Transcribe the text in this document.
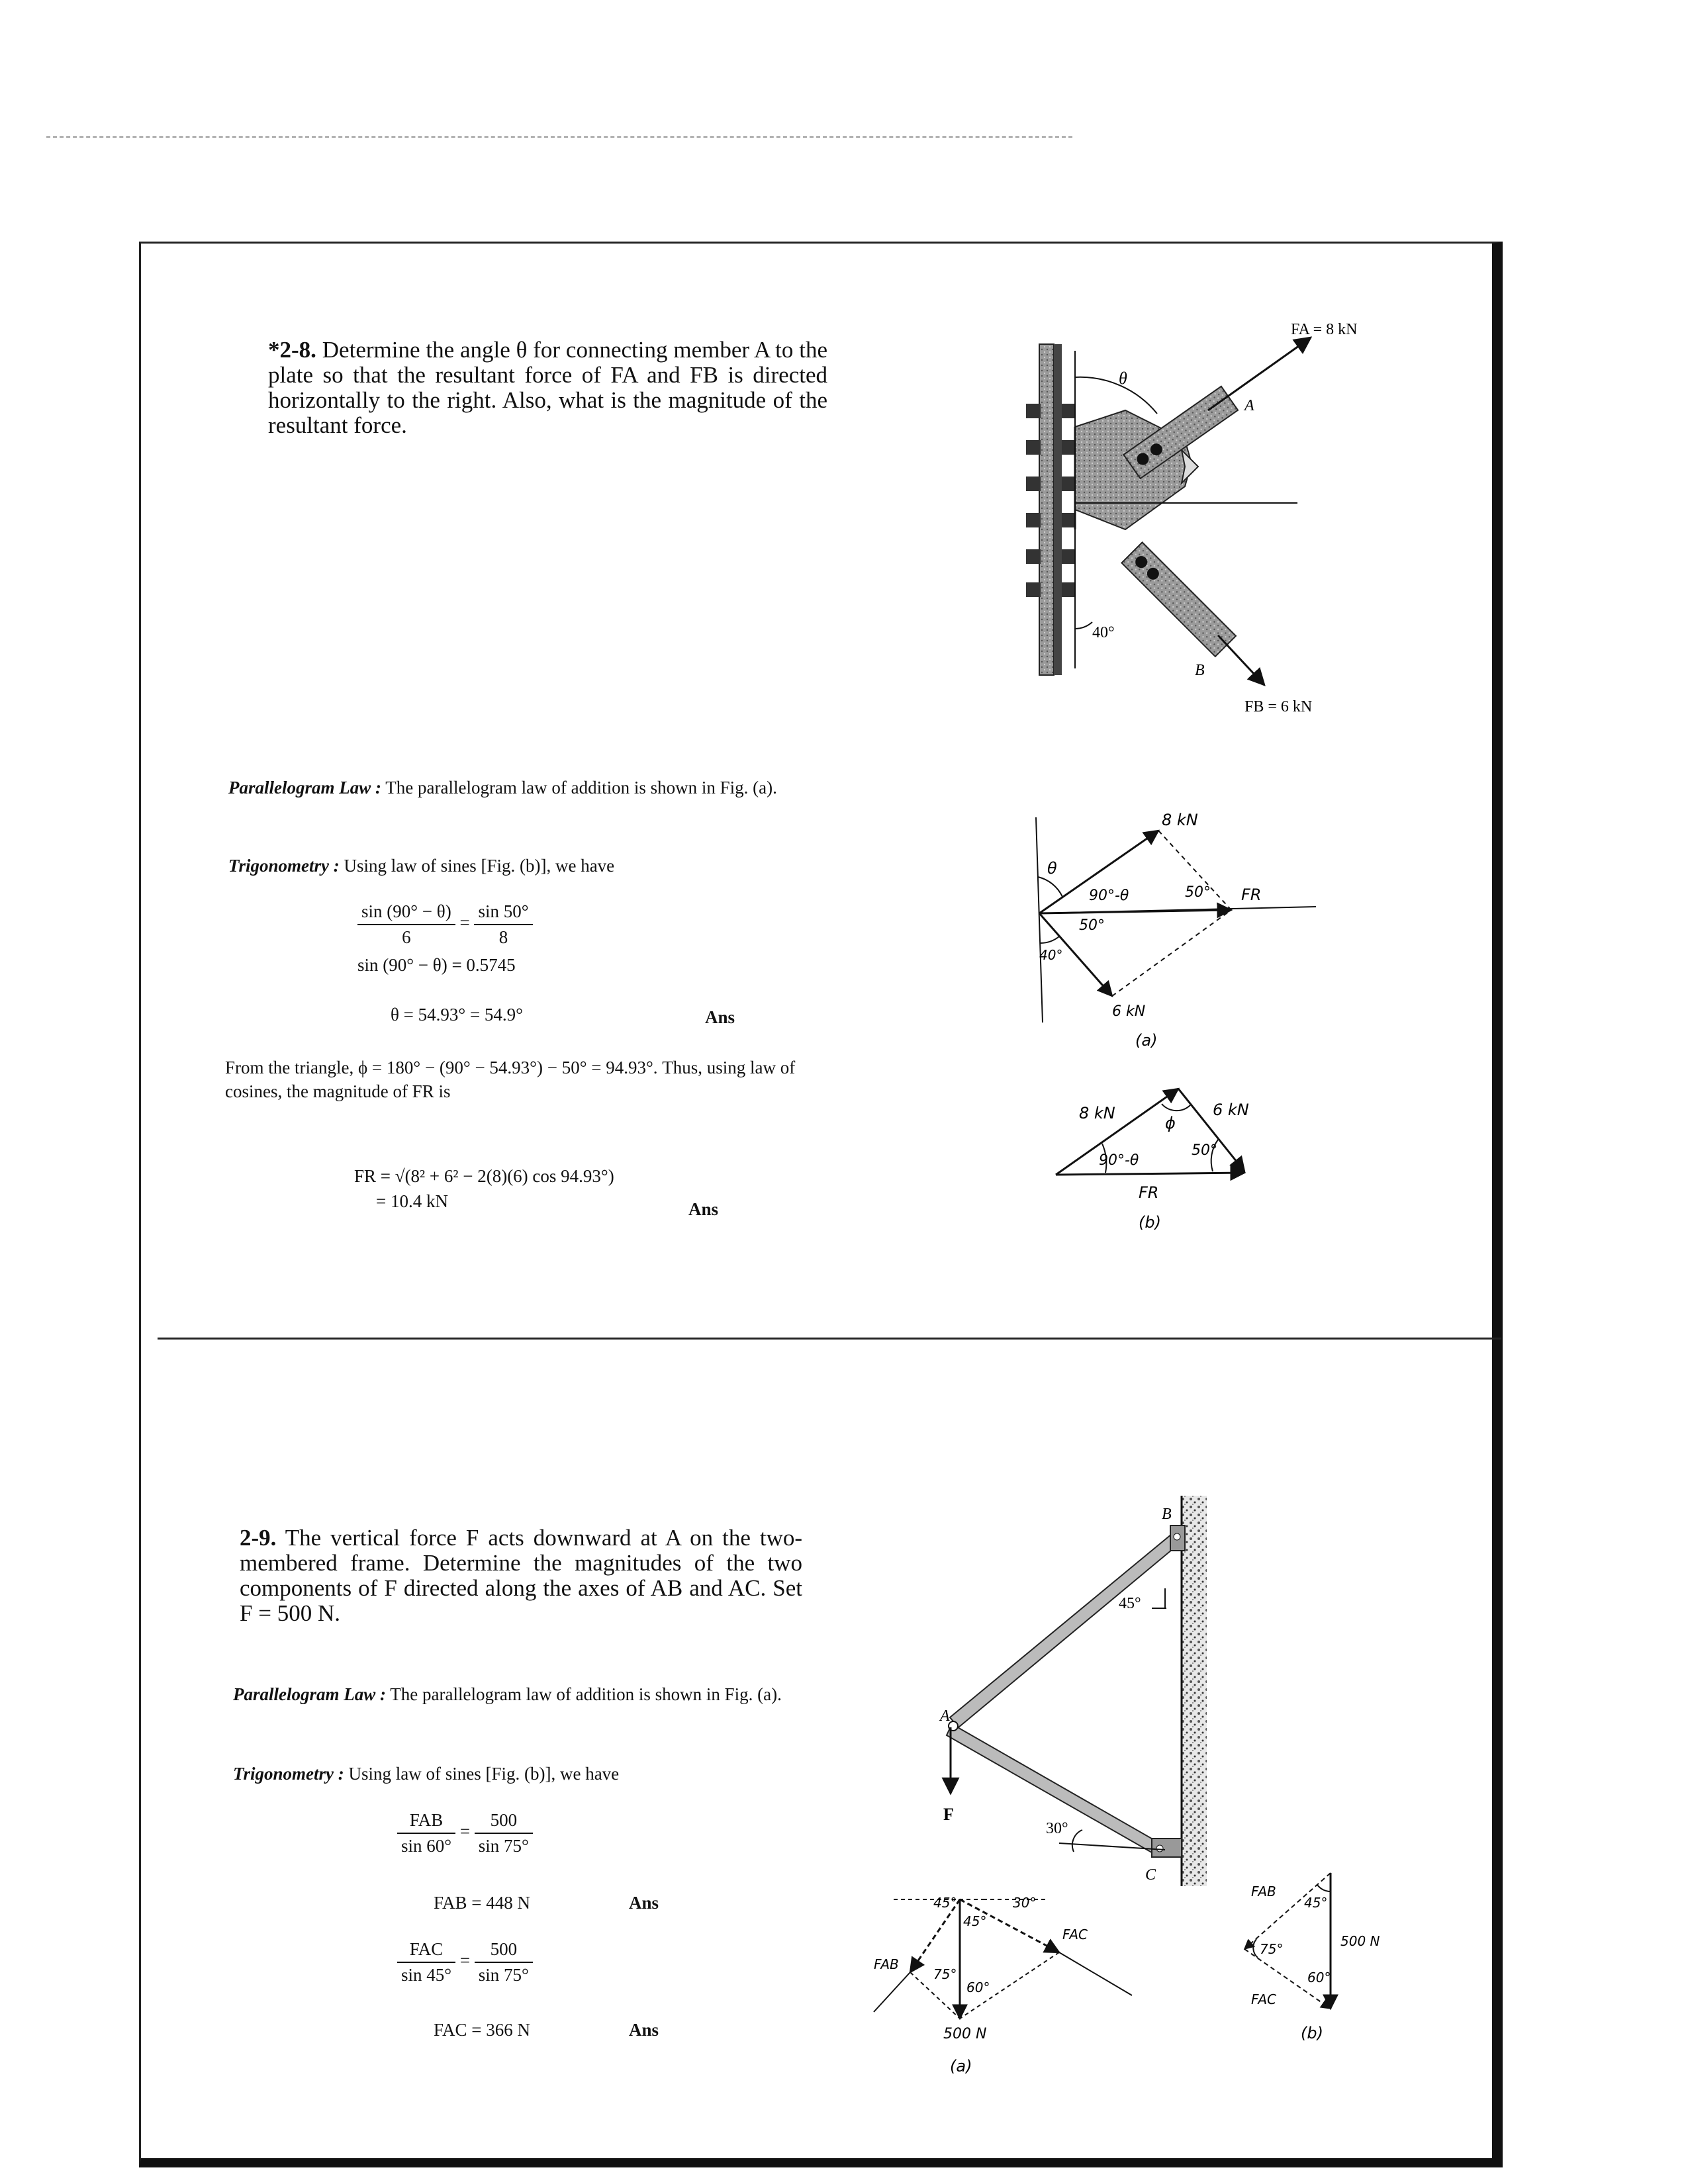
*2-8. Determine the angle θ for connecting member A to the plate so that the resultant force of FA and FB is directed horizontally to the right. Also, what is the magnitude of the resultant force.
θ
40°
FA = 8 kN
A
B
FB = 6 kN
Parallelogram Law : The parallelogram law of addition is shown in Fig. (a).
Trigonometry : Using law of sines [Fig. (b)], we have
$\frac{\sin (90^\circ - \theta)}{6} = \frac{\sin 50^\circ}{8}$
sin (90° − θ) = 0.5745
θ = 54.93° = 54.9°	Ans
From the triangle, ϕ = 180° − (90° − 54.93°) − 50° = 94.93°. Thus, using law of cosines, the magnitude of FR is
FR = √(8² + 6² − 2(8)(6) cos 94.93°)
= 10.4 kN	Ans
θ
8 kN
90°-θ
50°
50°
40°
FR
6 kN
(a)
8 kN	6 kN
ϕ
90°-θ
50°
FR
(b)
2-9. The vertical force F acts downward at A on the two-membered frame. Determine the magnitudes of the two components of F directed along the axes of AB and AC. Set F = 500 N.
A
B
C
F
45°
30°
Parallelogram Law : The parallelogram law of addition is shown in Fig. (a).
Trigonometry : Using law of sines [Fig. (b)], we have
$\frac{\text{FAB}}{\sin 60^\circ} = \frac{500}{\sin 75^\circ}$
FAB = 448 N	Ans
$\frac{\text{FAC}}{\sin 45^\circ} = \frac{500}{\sin 75^\circ}$
FAC = 366 N	Ans
45°
45°
30°
75°
60°
FAB
FAC
500 N
(a)
FAB
45°
75°
60°
500 N
FAC
(b)
